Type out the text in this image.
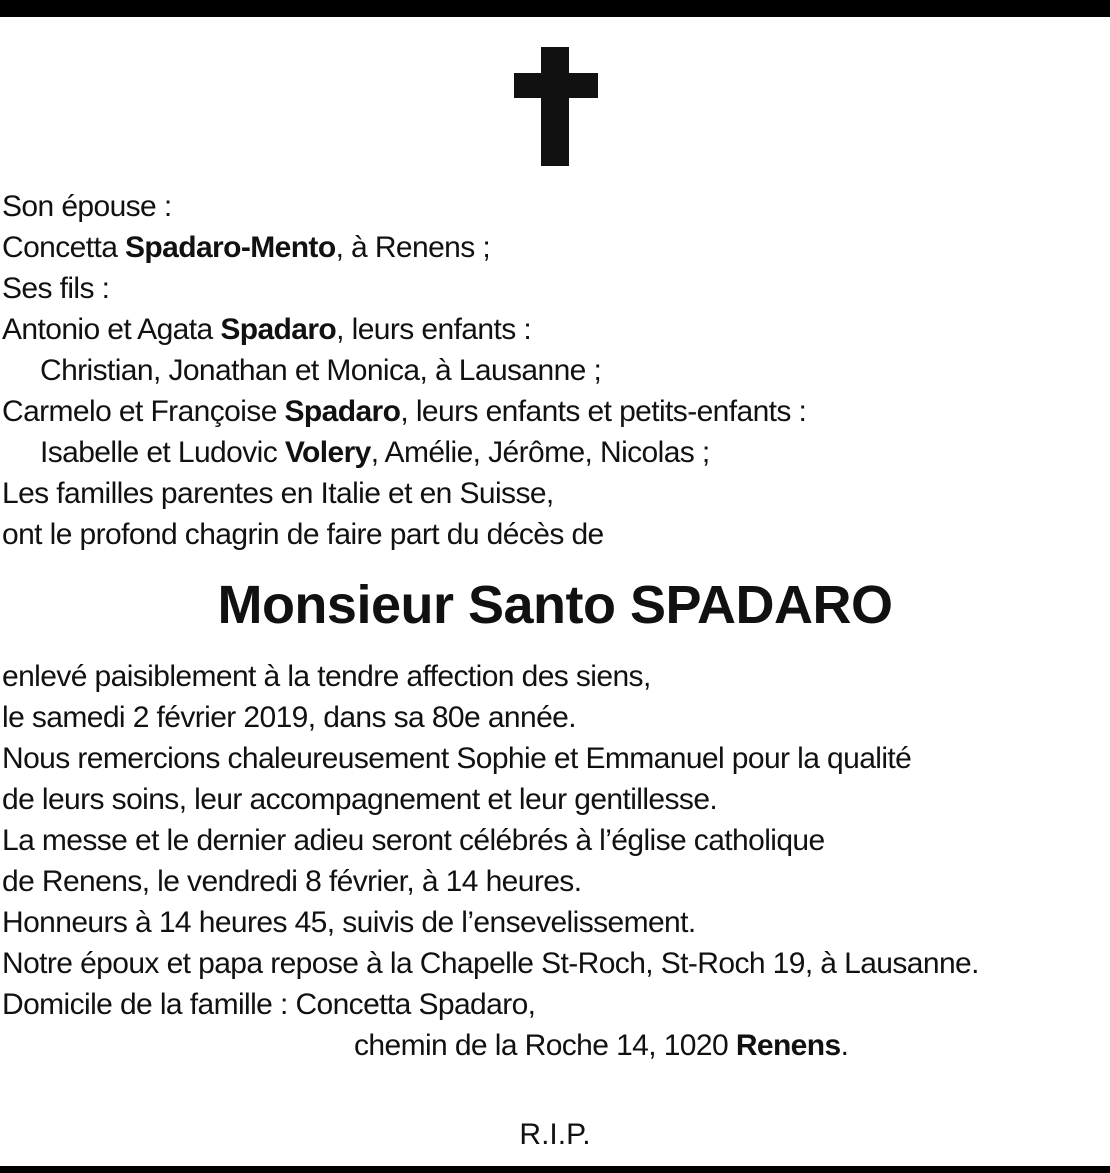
Son épouse :
Concetta Spadaro-Mento, à Renens ;
Ses fils :
Antonio et Agata Spadaro, leurs enfants :
Christian, Jonathan et Monica, à Lausanne ;
Carmelo et Françoise Spadaro, leurs enfants et petits-enfants :
Isabelle et Ludovic Volery, Amélie, Jérôme, Nicolas ;
Les familles parentes en Italie et en Suisse,
ont le profond chagrin de faire part du décès de
Monsieur Santo SPADARO
enlevé paisiblement à la tendre affection des siens,
le samedi 2 février 2019, dans sa 80e année.
Nous remercions chaleureusement Sophie et Emmanuel pour la qualité
de leurs soins, leur accompagnement et leur gentillesse.
La messe et le dernier adieu seront célébrés à l’église catholique
de Renens, le vendredi 8 février, à 14 heures.
Honneurs à 14 heures 45, suivis de l’ensevelissement.
Notre époux et papa repose à la Chapelle St-Roch, St-Roch 19, à Lausanne.
Domicile de la famille : Concetta Spadaro,
chemin de la Roche 14, 1020 Renens.
R.I.P.
